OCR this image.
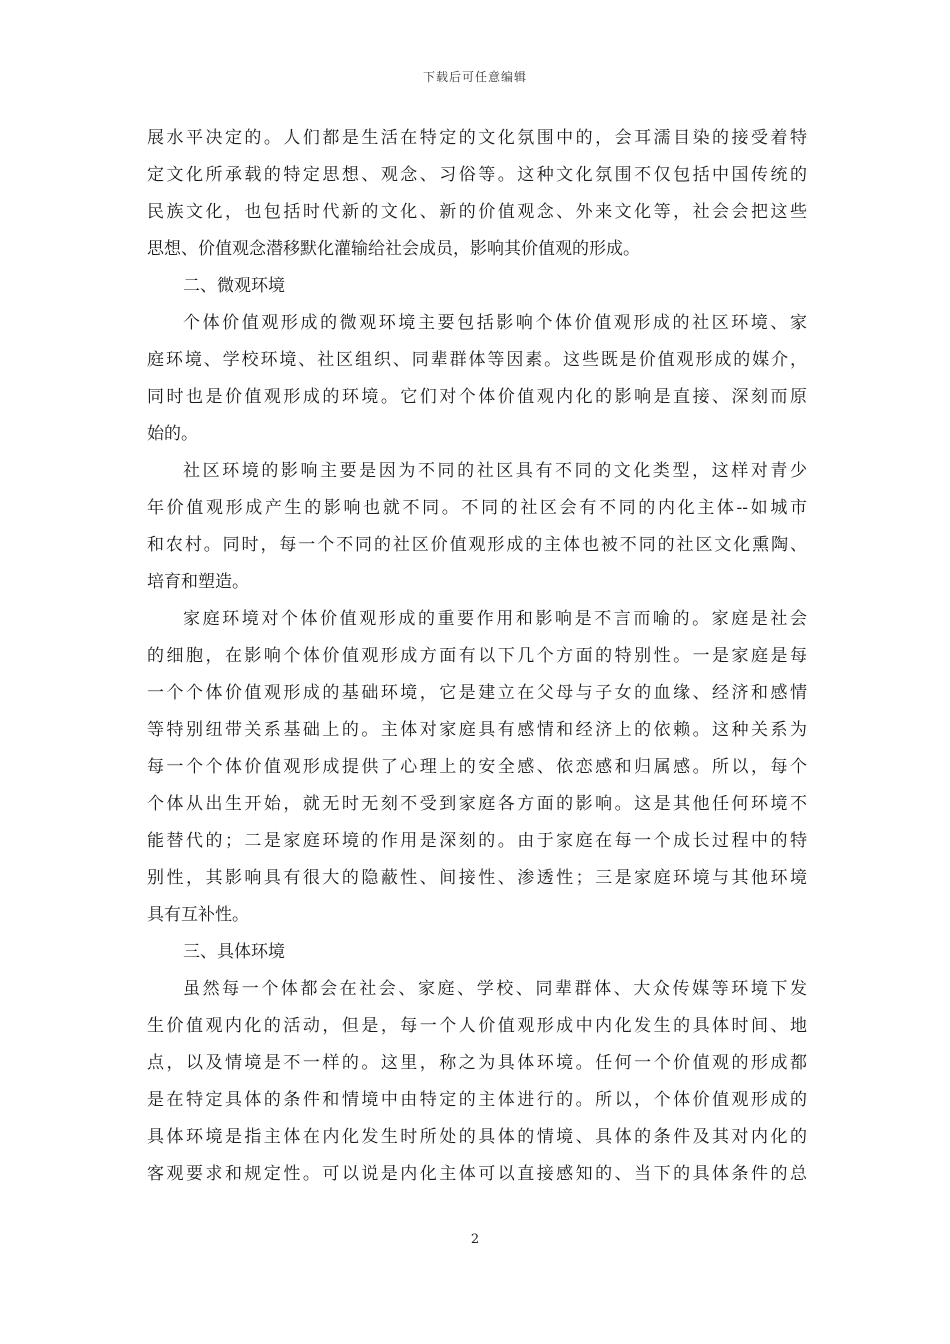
下载后可任意编辑
展水平决定的。人们都是生活在特定的文化氛围中的，会耳濡目染的接受着特
定文化所承载的特定思想、观念、习俗等。这种文化氛围不仅包括中国传统的
民族文化，也包括时代新的文化、新的价值观念、外来文化等，社会会把这些
思想、价值观念潜移默化灌输给社会成员，影响其价值观的形成。
二、微观环境
个体价值观形成的微观环境主要包括影响个体价值观形成的社区环境、家
庭环境、学校环境、社区组织、同辈群体等因素。这些既是价值观形成的媒介，
同时也是价值观形成的环境。它们对个体价值观内化的影响是直接、深刻而原
始的。
社区环境的影响主要是因为不同的社区具有不同的文化类型，这样对青少
年价值观形成产生的影响也就不同。不同的社区会有不同的内化主体--如城市
和农村。同时，每一个不同的社区价值观形成的主体也被不同的社区文化熏陶、
培育和塑造。
家庭环境对个体价值观形成的重要作用和影响是不言而喻的。家庭是社会
的细胞，在影响个体价值观形成方面有以下几个方面的特别性。一是家庭是每
一个个体价值观形成的基础环境，它是建立在父母与子女的血缘、经济和感情
等特别纽带关系基础上的。主体对家庭具有感情和经济上的依赖。这种关系为
每一个个体价值观形成提供了心理上的安全感、依恋感和归属感。所以，每个
个体从出生开始，就无时无刻不受到家庭各方面的影响。这是其他任何环境不
能替代的；二是家庭环境的作用是深刻的。由于家庭在每一个成长过程中的特
别性，其影响具有很大的隐蔽性、间接性、渗透性；三是家庭环境与其他环境
具有互补性。
三、具体环境
虽然每一个体都会在社会、家庭、学校、同辈群体、大众传媒等环境下发
生价值观内化的活动，但是，每一个人价值观形成中内化发生的具体时间、地
点，以及情境是不一样的。这里，称之为具体环境。任何一个价值观的形成都
是在特定具体的条件和情境中由特定的主体进行的。所以，个体价值观形成的
具体环境是指主体在内化发生时所处的具体的情境、具体的条件及其对内化的
客观要求和规定性。可以说是内化主体可以直接感知的、当下的具体条件的总
2
